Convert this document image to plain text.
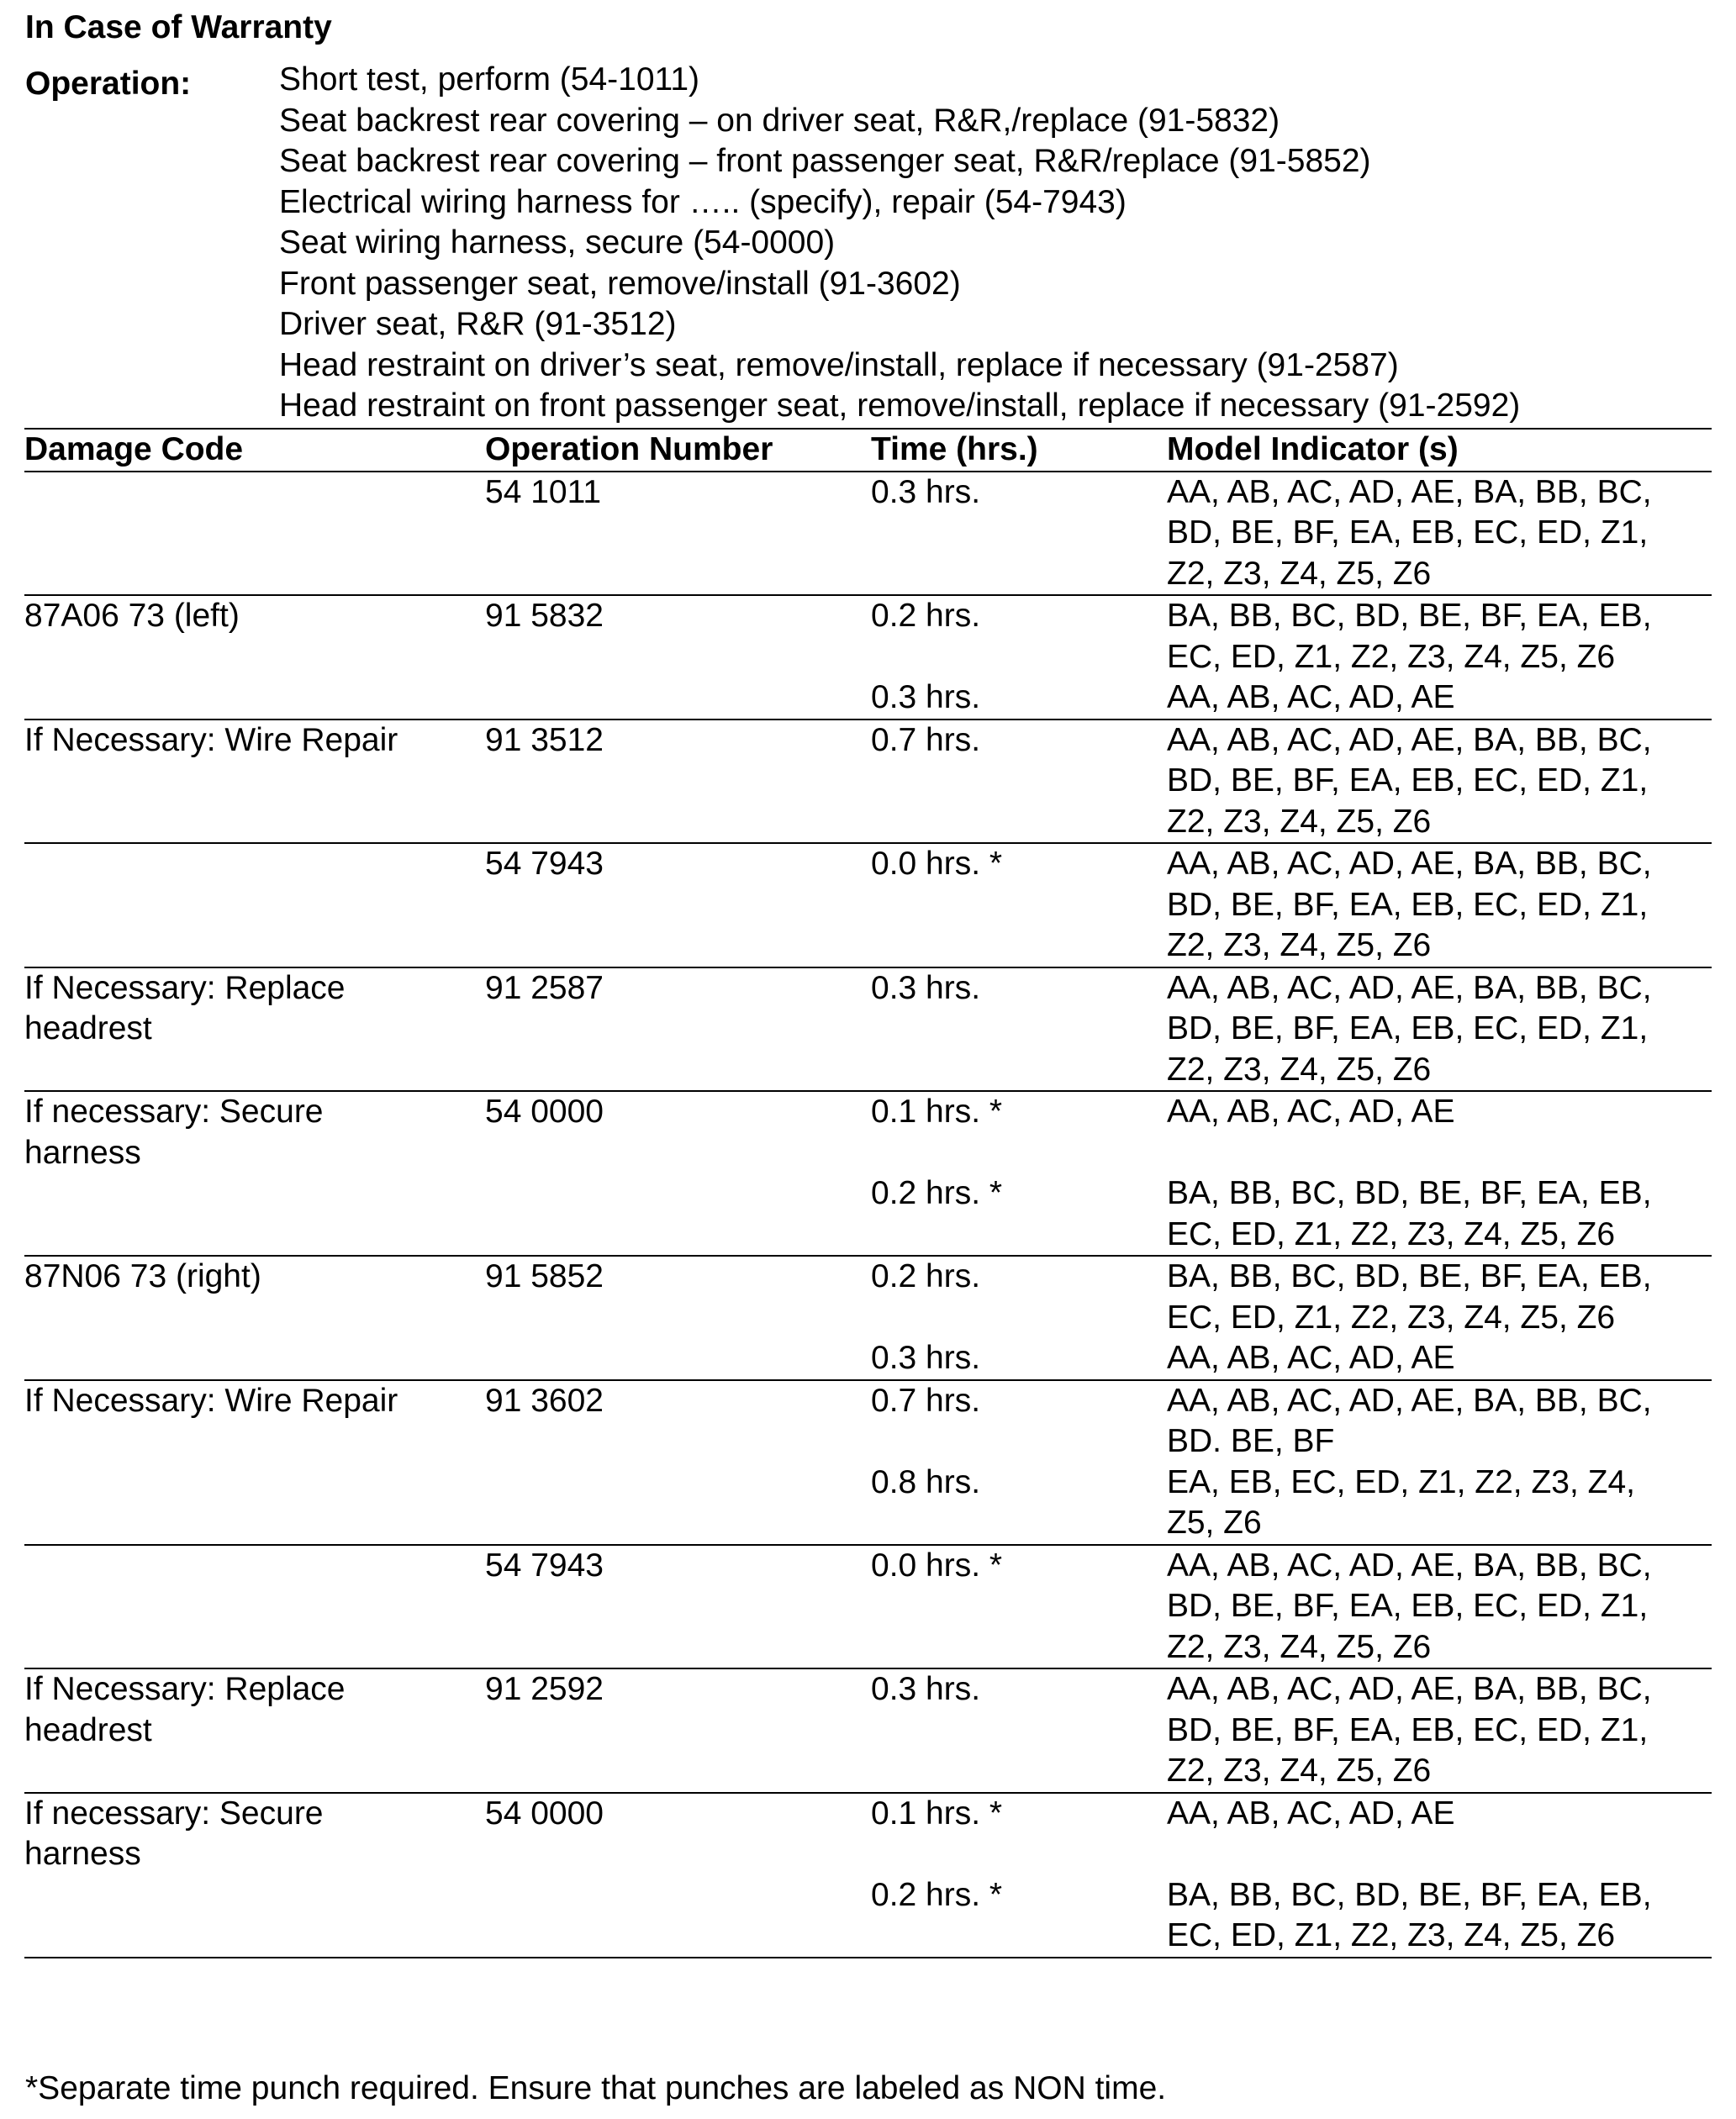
In Case of Warranty
Operation:	Short test, perform (54-1011)
Seat backrest rear covering – on driver seat, R&R,/replace (91-5832)
Seat backrest rear covering – front passenger seat, R&R/replace (91-5852)
Electrical wiring harness for ….. (specify), repair (54-7943)
Seat wiring harness, secure (54-0000)
Front passenger seat, remove/install (91-3602)
Driver seat, R&R (91-3512)
Head restraint on driver’s seat, remove/install, replace if necessary (91-2587)
Head restraint on front passenger seat, remove/install, replace if necessary (91-2592)
Damage Code	Operation Number	Time (hrs.)	Model Indicator (s)
	54 1011	0.3 hrs.	AA, AB, AC, AD, AE, BA, BB, BC,
BD, BE, BF, EA, EB, EC, ED, Z1,
Z2, Z3, Z4, Z5, Z6
87A06 73 (left)	91 5832	0.2 hrs.	BA, BB, BC, BD, BE, BF, EA, EB,
EC, ED, Z1, Z2, Z3, Z4, Z5, Z6

		0.3 hrs.	AA, AB, AC, AD, AE
If Necessary: Wire Repair	91 3512	0.7 hrs.	AA, AB, AC, AD, AE, BA, BB, BC,
BD, BE, BF, EA, EB, EC, ED, Z1,
Z2, Z3, Z4, Z5, Z6
	54 7943	0.0 hrs. *	AA, AB, AC, AD, AE, BA, BB, BC,
BD, BE, BF, EA, EB, EC, ED, Z1,
Z2, Z3, Z4, Z5, Z6
If Necessary: Replace
headrest	91 2587	0.3 hrs.	AA, AB, AC, AD, AE, BA, BB, BC,
BD, BE, BF, EA, EB, EC, ED, Z1,
Z2, Z3, Z4, Z5, Z6
If necessary: Secure
harness	54 0000	0.1 hrs. *	AA, AB, AC, AD, AE

		0.2 hrs. *	BA, BB, BC, BD, BE, BF, EA, EB,
EC, ED, Z1, Z2, Z3, Z4, Z5, Z6
87N06 73 (right)	91 5852	0.2 hrs.	BA, BB, BC, BD, BE, BF, EA, EB,
EC, ED, Z1, Z2, Z3, Z4, Z5, Z6

		0.3 hrs.	AA, AB, AC, AD, AE
If Necessary: Wire Repair	91 3602	0.7 hrs.	AA, AB, AC, AD, AE, BA, BB, BC,
BD. BE, BF

		0.8 hrs.	EA, EB, EC, ED, Z1, Z2, Z3, Z4,
Z5, Z6
	54 7943	0.0 hrs. *	AA, AB, AC, AD, AE, BA, BB, BC,
BD, BE, BF, EA, EB, EC, ED, Z1,
Z2, Z3, Z4, Z5, Z6
If Necessary: Replace
headrest	91 2592	0.3 hrs.	AA, AB, AC, AD, AE, BA, BB, BC,
BD, BE, BF, EA, EB, EC, ED, Z1,
Z2, Z3, Z4, Z5, Z6
If necessary: Secure
harness	54 0000	0.1 hrs. *	AA, AB, AC, AD, AE

		0.2 hrs. *	BA, BB, BC, BD, BE, BF, EA, EB,
EC, ED, Z1, Z2, Z3, Z4, Z5, Z6

*Separate time punch required. Ensure that punches are labeled as NON time.
